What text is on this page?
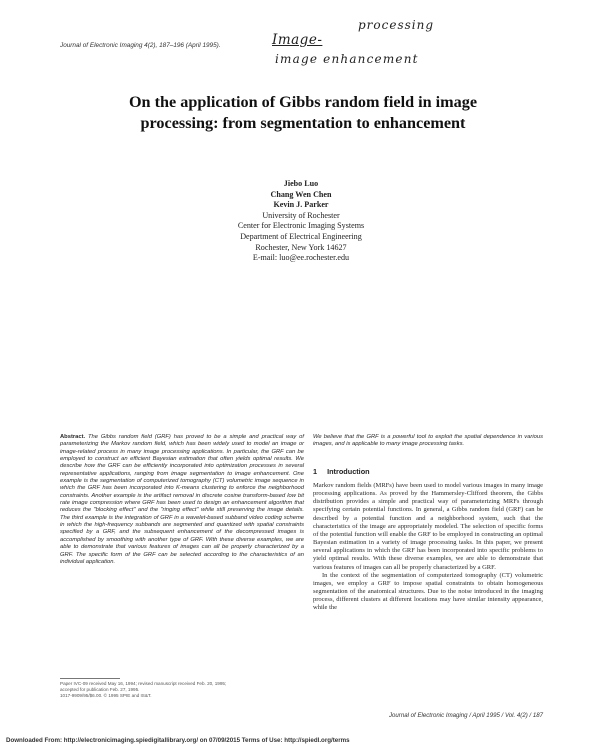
Journal of Electronic Imaging 4(2), 187–196 (April 1995).	Image-
processing
image enhancement
On the application of Gibbs random field in image processing: from segmentation to enhancement
Jiebo Luo
Chang Wen Chen
Kevin J. Parker
University of Rochester
Center for Electronic Imaging Systems
Department of Electrical Engineering
Rochester, New York 14627
E-mail: luo@ee.rochester.edu
Abstract. The Gibbs random field (GRF) has proved to be a simple and practical way of parameterizing the Markov random field, which has been widely used to model an image or image-related process in many image processing applications. In particular, the GRF can be employed to construct an efficient Bayesian estimation that often yields optimal results. We describe how the GRF can be efficiently incorporated into optimization processes in several representative applications, ranging from image segmentation to image enhancement. One example is the segmentation of computerized tomography (CT) volumetric image sequence in which the GRF has been incorporated into K-means clustering to enforce the neighborhood constraints. Another example is the artifact removal in discrete cosine transform-based low bit rate image compression where GRF has been used to design an enhancement algorithm that reduces the "blocking effect" and the "ringing effect" while still preserving the image details. The third example is the integration of GRF in a wavelet-based subband video coding scheme in which the high-frequency subbands are segmented and quantized with spatial constraints specified by a GRF, and the subsequent enhancement of the decompressed images is accomplished by smoothing with another type of GRF. With these diverse examples, we are able to demonstrate that various features of images can all be properly characterized by a GRF. The specific form of the GRF can be selected according to the characteristics of an individual application.
Paper IVC-09 received May 16, 1994; revised manuscript received Feb. 20, 1995;
accepted for publication Feb. 27, 1995.
1017-9909/95/$6.00. © 1995 SPIE and IS&T.
We believe that the GRF is a powerful tool to exploit the spatial dependence in various images, and is applicable to many image processing tasks.
1 Introduction

Markov random fields (MRFs) have been used to model various images in many image processing applications. As proved by the Hammersley-Clifford theorem, the Gibbs distribution provides a simple and practical way of parameterizing MRFs through specifying certain potential functions. In general, a Gibbs random field (GRF) can be described by a potential function and a neighborhood system, such that the characteristics of the image are appropriately modeled. The selection of specific forms of the potential function will enable the GRF to be employed in constructing an optimal Bayesian estimation in a variety of image processing tasks. In this paper, we present several applications in which the GRF has been incorporated into specific problems to yield optimal results. With these diverse examples, we are able to demonstrate that various features of images can all be properly characterized by a GRF.

In the context of the segmentation of computerized tomography (CT) volumetric images, we employ a GRF to impose spatial constraints to obtain homogeneous segmentation of the anatomical structures. Due to the noise introduced in the imaging process, different clusters at different locations may have similar intensity appearance, while the

Journal of Electronic Imaging / April 1995 / Vol. 4(2) / 187
Downloaded From: http://electronicimaging.spiedigitallibrary.org/ on 07/09/2015 Terms of Use: http://spiedl.org/terms
